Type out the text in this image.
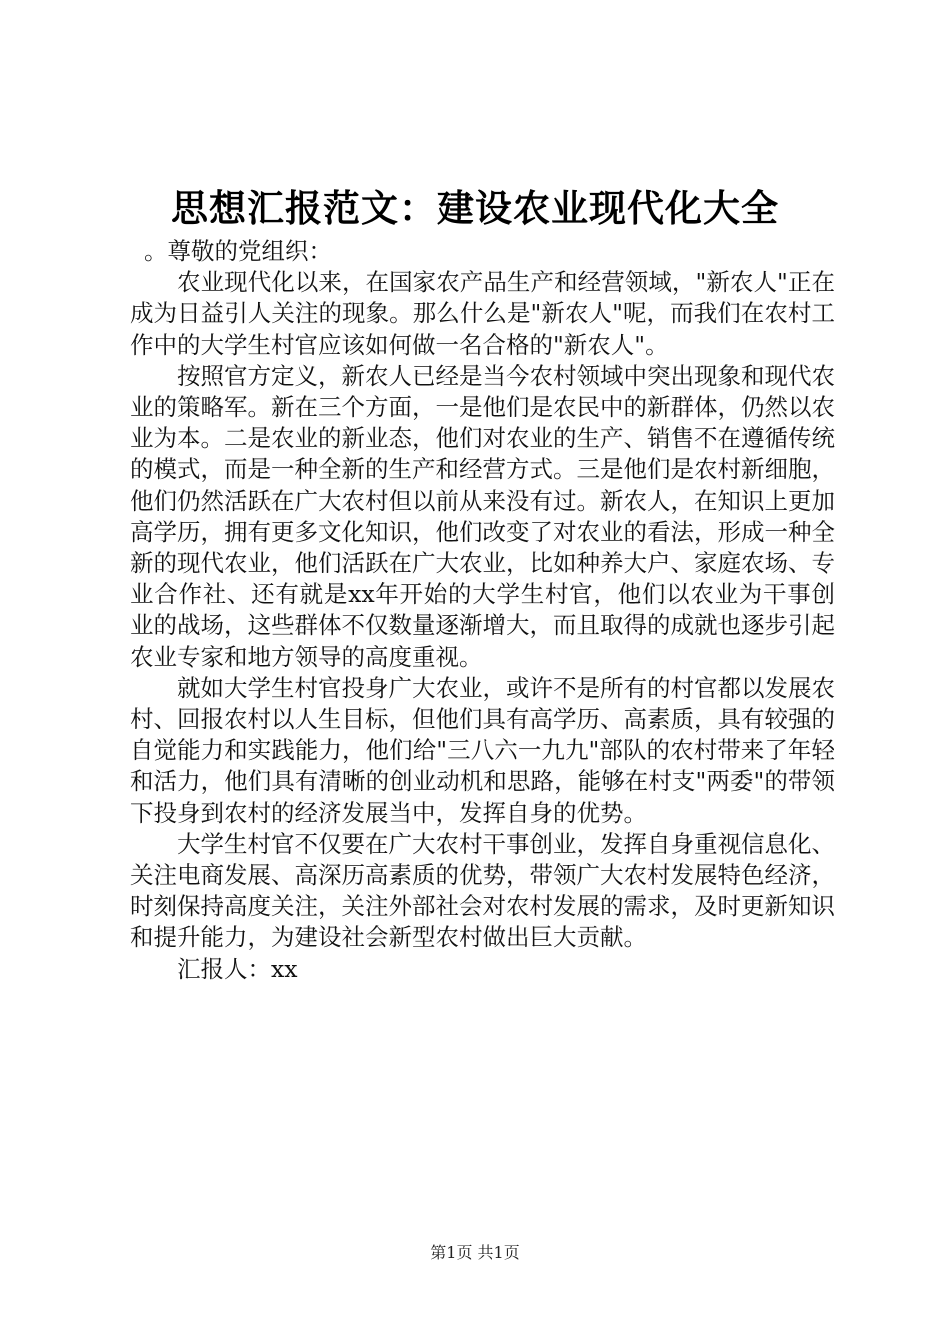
思想汇报范文：建设农业现代化大全

。尊敬的党组织：

农业现代化以来，在国家农产品生产和经营领域，"新农人"正在成为日益引人关注的现象。那么什么是"新农人"呢，而我们在农村工作中的大学生村官应该如何做一名合格的"新农人"。

按照官方定义，新农人已经是当今农村领域中突出现象和现代农业的策略军。新在三个方面，一是他们是农民中的新群体，仍然以农业为本。二是农业的新业态，他们对农业的生产、销售不在遵循传统的模式，而是一种全新的生产和经营方式。三是他们是农村新细胞，他们仍然活跃在广大农村但以前从来没有过。新农人，在知识上更加高学历，拥有更多文化知识，他们改变了对农业的看法，形成一种全新的现代农业，他们活跃在广大农业，比如种养大户、家庭农场、专业合作社、还有就是xx年开始的大学生村官，他们以农业为干事创业的战场，这些群体不仅数量逐渐增大，而且取得的成就也逐步引起农业专家和地方领导的高度重视。

就如大学生村官投身广大农业，或许不是所有的村官都以发展农村、回报农村以人生目标，但他们具有高学历、高素质，具有较强的自觉能力和实践能力，他们给"三八六一九九"部队的农村带来了年轻和活力，他们具有清晰的创业动机和思路，能够在村支"两委"的带领下投身到农村的经济发展当中，发挥自身的优势。

大学生村官不仅要在广大农村干事创业，发挥自身重视信息化、关注电商发展、高深历高素质的优势，带领广大农村发展特色经济，时刻保持高度关注，关注外部社会对农村发展的需求，及时更新知识和提升能力，为建设社会新型农村做出巨大贡献。

汇报人：xx

第1页 共1页
